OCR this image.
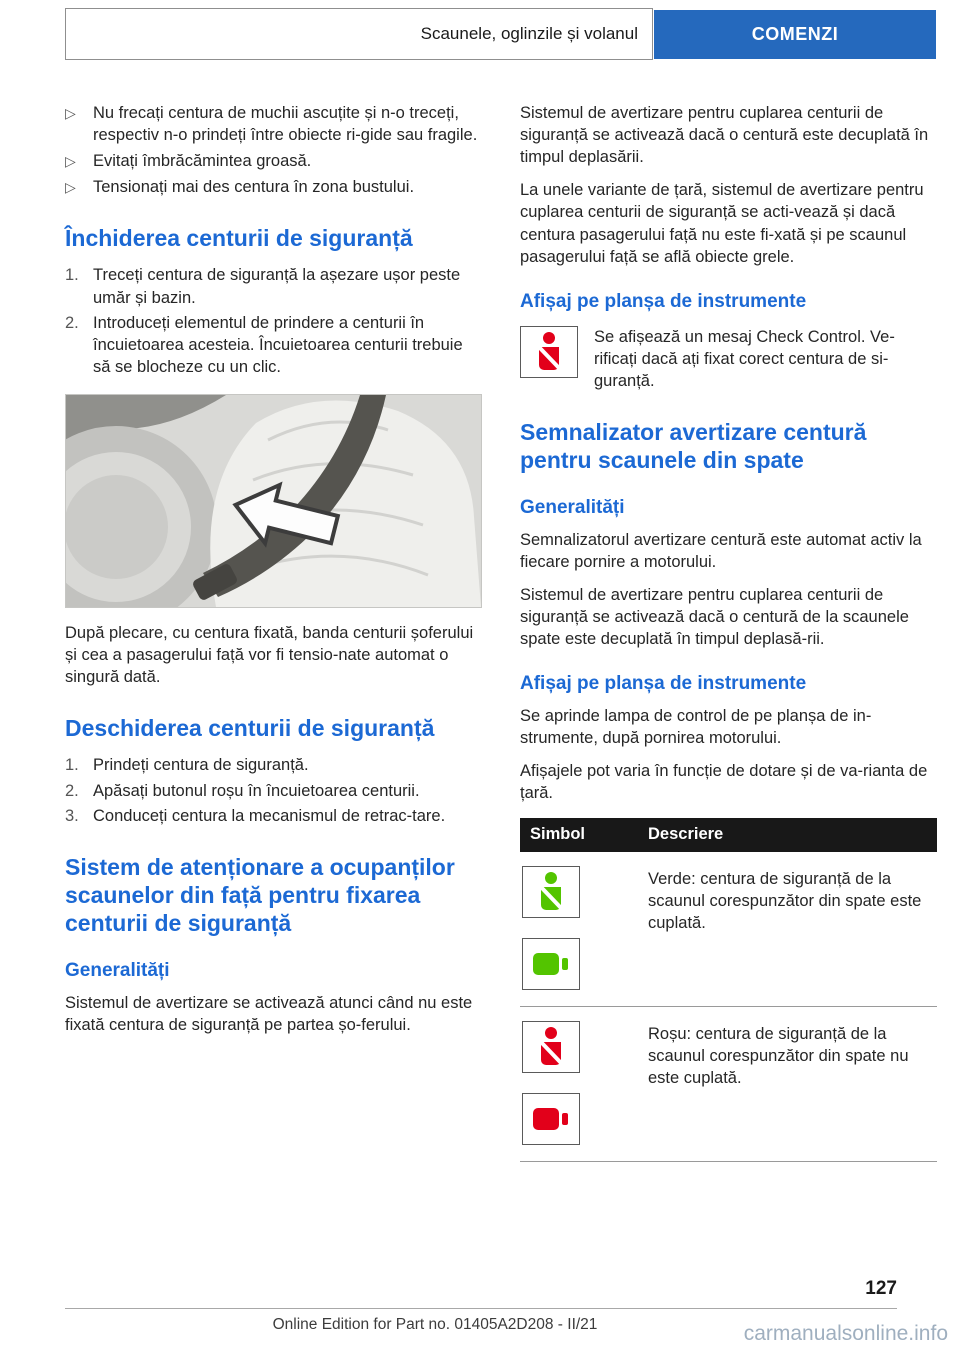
Scaunele, oglinzile și volanul	COMENZI
▷	Nu frecați centura de muchii ascuțite și n-o treceți, respectiv n-o prindeți între obiecte ri-gide sau fragile.
▷	Evitați îmbrăcămintea groasă.
▷	Tensionați mai des centura în zona bustului.
Închiderea centurii de siguranță
1. Treceți centura de siguranță la așezare ușor peste umăr și bazin.
2. Introduceți elementul de prindere a centurii în încuietoarea acesteia. Încuietoarea centurii trebuie să se blocheze cu un clic.

După plecare, cu centura fixată, banda centurii șoferului și cea a pasagerului față vor fi tensio-nate automat o singură dată.

Deschiderea centurii de siguranță
1. Prindeți centura de siguranță.
2. Apăsați butonul roșu în încuietoarea centurii.
3. Conduceți centura la mecanismul de retrac-tare.
Sistem de atenționare a ocupanților scaunelor din față pentru fixarea centurii de siguranță
Generalități

Sistemul de avertizare se activează atunci când nu este fixată centura de siguranță pe partea șo-ferului.

Sistemul de avertizare pentru cuplarea centurii de siguranță se activează dacă o centură este decuplată în timpul deplasării.

La unele variante de țară, sistemul de avertizare pentru cuplarea centurii de siguranță se acti-vează și dacă centura pasagerului față nu este fi-xată și pe scaunul pasagerului față se află obiecte grele.

Afișaj pe planșa de instrumente
Se afișează un mesaj Check Control. Ve-rificați dacă ați fixat corect centura de si-guranță.
Semnalizator avertizare centură pentru scaunele din spate
Generalități

Semnalizatorul avertizare centură este automat activ la fiecare pornire a motorului.

Sistemul de avertizare pentru cuplarea centurii de siguranță se activează dacă o centură de la scaunele spate este decuplată în timpul deplasă-rii.

Afișaj pe planșa de instrumente

Se aprinde lampa de control de pe planșa de in-strumente, după pornirea motorului.

Afișajele pot varia în funcție de dotare și de va-rianta de țară.

Simbol	Descriere
Verde: centura de siguranță de la scaunul corespunzător din spate este cuplată.
Roșu: centura de siguranță de la scaunul corespunzător din spate nu este cuplată.
127
Online Edition for Part no. 01405A2D208 - II/21	carmanualsonline.info
